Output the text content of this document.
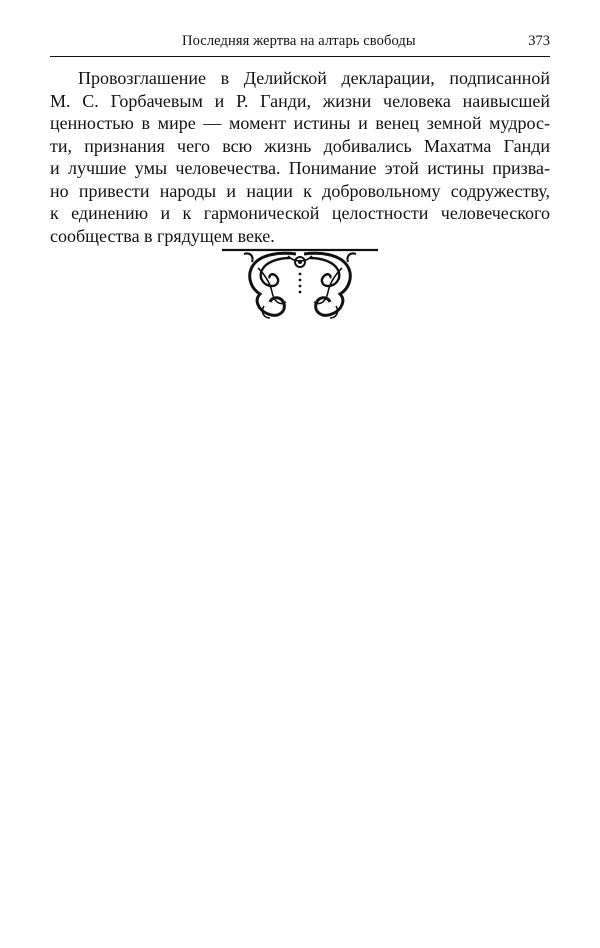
Последняя жертва на алтарь свободы	373

Провозглашение в Делийской декларации, подписанной
М. С. Горбачевым и Р. Ганди, жизни человека наивысшей
ценностью в мире — момент истины и венец земной мудрос-
ти, признания чего всю жизнь добивались Махатма Ганди
и лучшие умы человечества. Понимание этой истины призва-
но привести народы и нации к добровольному содружеству,
к единению и к гармонической целостности человеческого
сообщества в грядущем веке.
